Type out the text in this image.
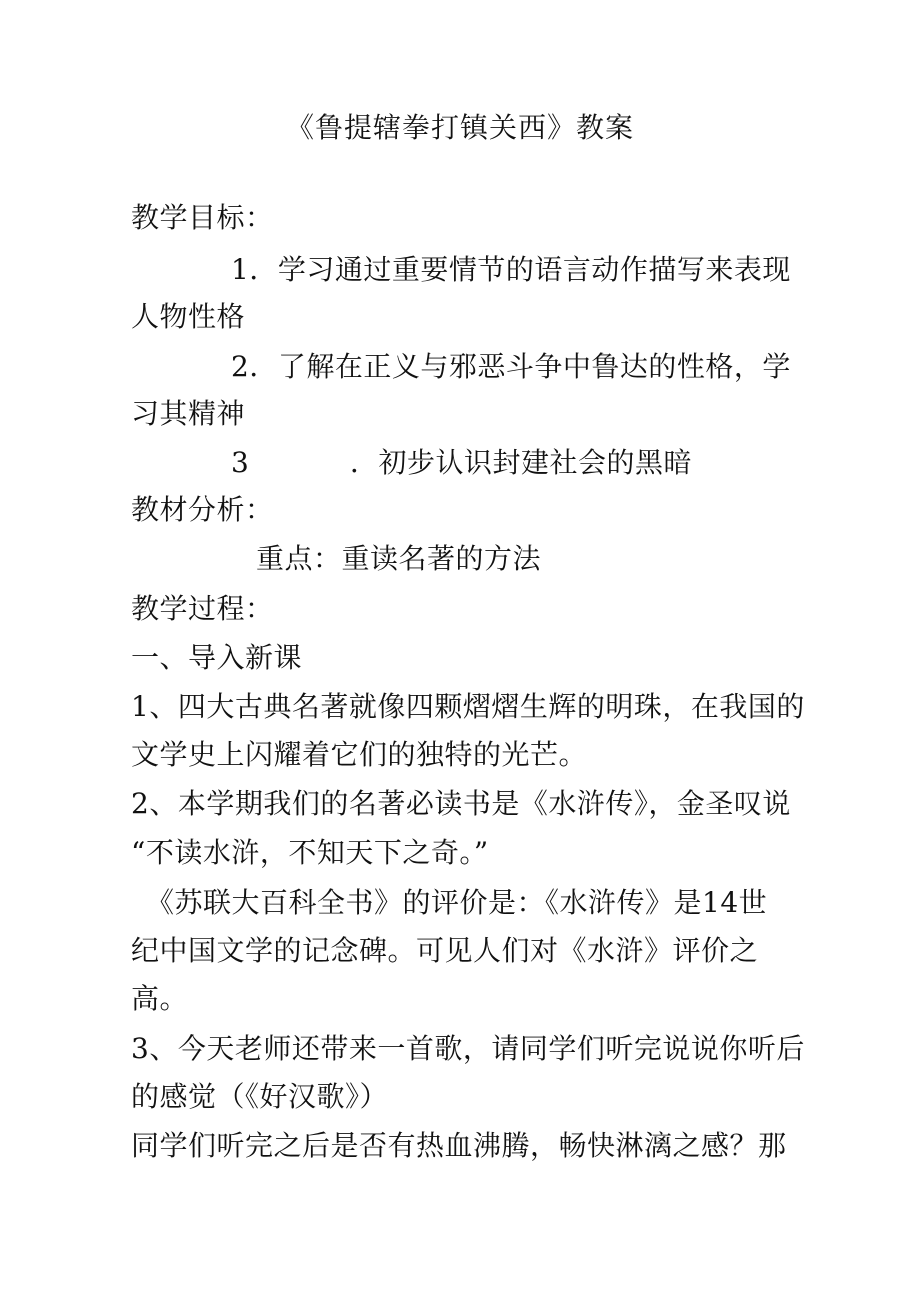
《鲁提辖拳打镇关西》教案
教学目标：
1．学习通过重要情节的语言动作描写来表现
人物性格
2．了解在正义与邪恶斗争中鲁达的性格，学
习其精神
3	．初步认识封建社会的黑暗
教材分析：
重点：重读名著的方法
教学过程：
一、导入新课
1、四大古典名著就像四颗熠熠生辉的明珠，在我国的
文学史上闪耀着它们的独特的光芒。
2、本学期我们的名著必读书是《水浒传》，金圣叹说
“不读水浒，不知天下之奇。”
《苏联大百科全书》的评价是：《水浒传》是14世
纪中国文学的记念碑。可见人们对《水浒》评价之
高。
3、今天老师还带来一首歌，请同学们听完说说你听后
的感觉（《好汉歌》）
同学们听完之后是否有热血沸腾，畅快淋漓之感？那
